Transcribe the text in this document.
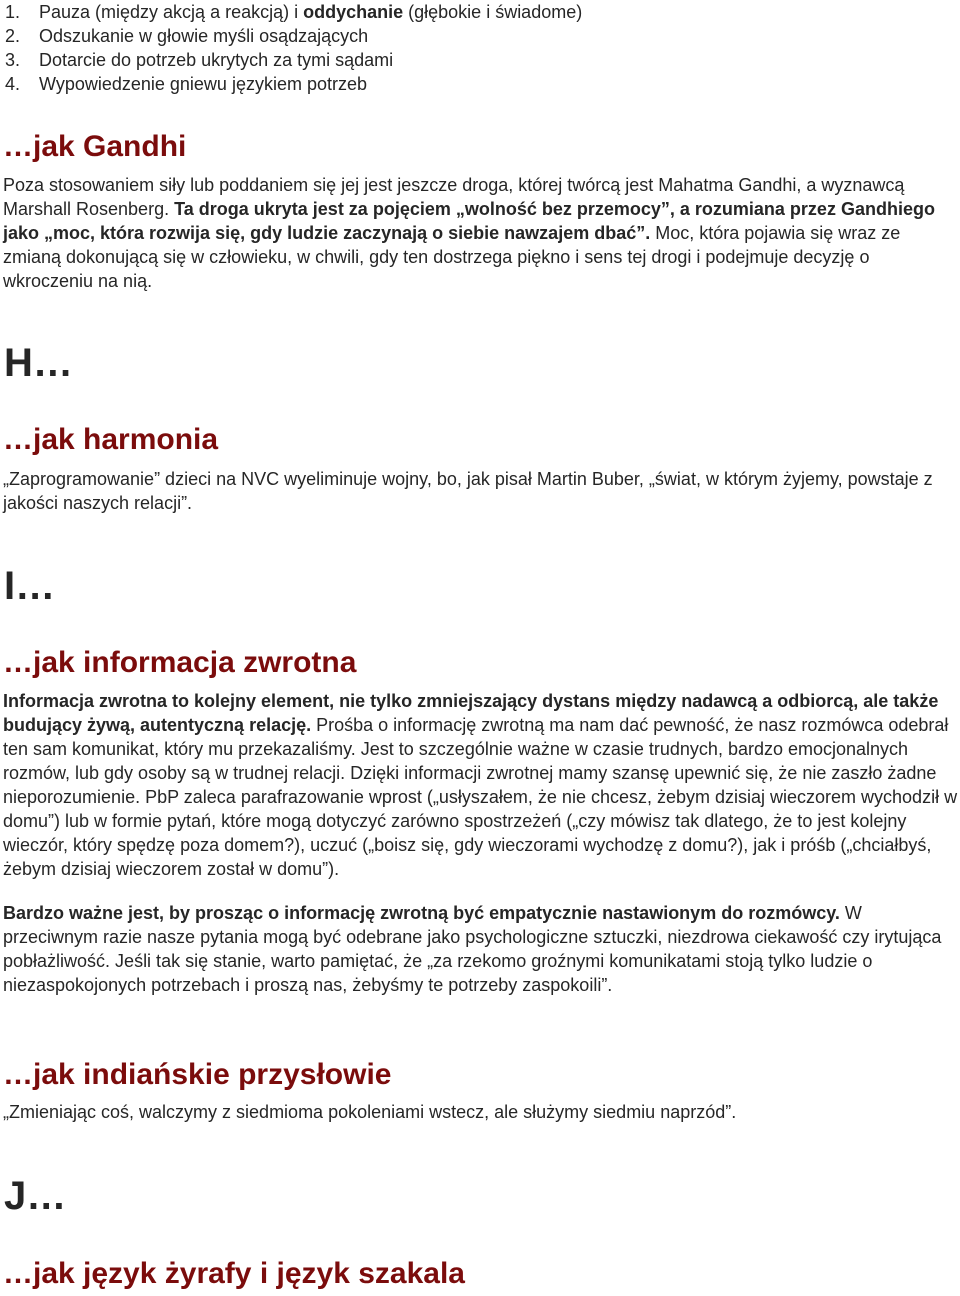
1. Pauza (między akcją a reakcją) i oddychanie (głębokie i świadome)
2. Odszukanie w głowie myśli osądzających
3. Dotarcie do potrzeb ukrytych za tymi sądami
4. Wypowiedzenie gniewu językiem potrzeb
…jak Gandhi
Poza stosowaniem siły lub poddaniem się jej jest jeszcze droga, której twórcą jest Mahatma Gandhi, a wyznawcą Marshall Rosenberg. Ta droga ukryta jest za pojęciem „wolność bez przemocy”, a rozumiana przez Gandhiego jako „moc, która rozwija się, gdy ludzie zaczynają o siebie nawzajem dbać”. Moc, która pojawia się wraz ze zmianą dokonującą się w człowieku, w chwili, gdy ten dostrzega piękno i sens tej drogi i podejmuje decyzję o wkroczeniu na nią.
H…
…jak harmonia
„Zaprogramowanie” dzieci na NVC wyeliminuje wojny, bo, jak pisał Martin Buber, „świat, w którym żyjemy, powstaje z jakości naszych relacji”.
I…
…jak informacja zwrotna
Informacja zwrotna to kolejny element, nie tylko zmniejszający dystans między nadawcą a odbiorcą, ale także budujący żywą, autentyczną relację. Prośba o informację zwrotną ma nam dać pewność, że nasz rozmówca odebrał ten sam komunikat, który mu przekazaliśmy. Jest to szczególnie ważne w czasie trudnych, bardzo emocjonalnych rozmów, lub gdy osoby są w trudnej relacji. Dzięki informacji zwrotnej mamy szansę upewnić się, że nie zaszło żadne nieporozumienie. PbP zaleca parafrazowanie wprost („usłyszałem, że nie chcesz, żebym dzisiaj wieczorem wychodził w domu”) lub w formie pytań, które mogą dotyczyć zarówno spostrzeżeń („czy mówisz tak dlatego, że to jest kolejny wieczór, który spędzę poza domem?), uczuć („boisz się, gdy wieczorami wychodzę z domu?), jak i próśb („chciałbyś, żebym dzisiaj wieczorem został w domu”).
Bardzo ważne jest, by prosząc o informację zwrotną być empatycznie nastawionym do rozmówcy. W przeciwnym razie nasze pytania mogą być odebrane jako psychologiczne sztuczki, niezdrowa ciekawość czy irytująca pobłażliwość. Jeśli tak się stanie, warto pamiętać, że „za rzekomo groźnymi komunikatami stoją tylko ludzie o niezaspokojonych potrzebach i proszą nas, żebyśmy te potrzeby zaspokoili”.
…jak indiańskie przysłowie
„Zmieniając coś, walczymy z siedmioma pokoleniami wstecz, ale służymy siedmiu naprzód”.
J…
…jak język żyrafy i język szakala
